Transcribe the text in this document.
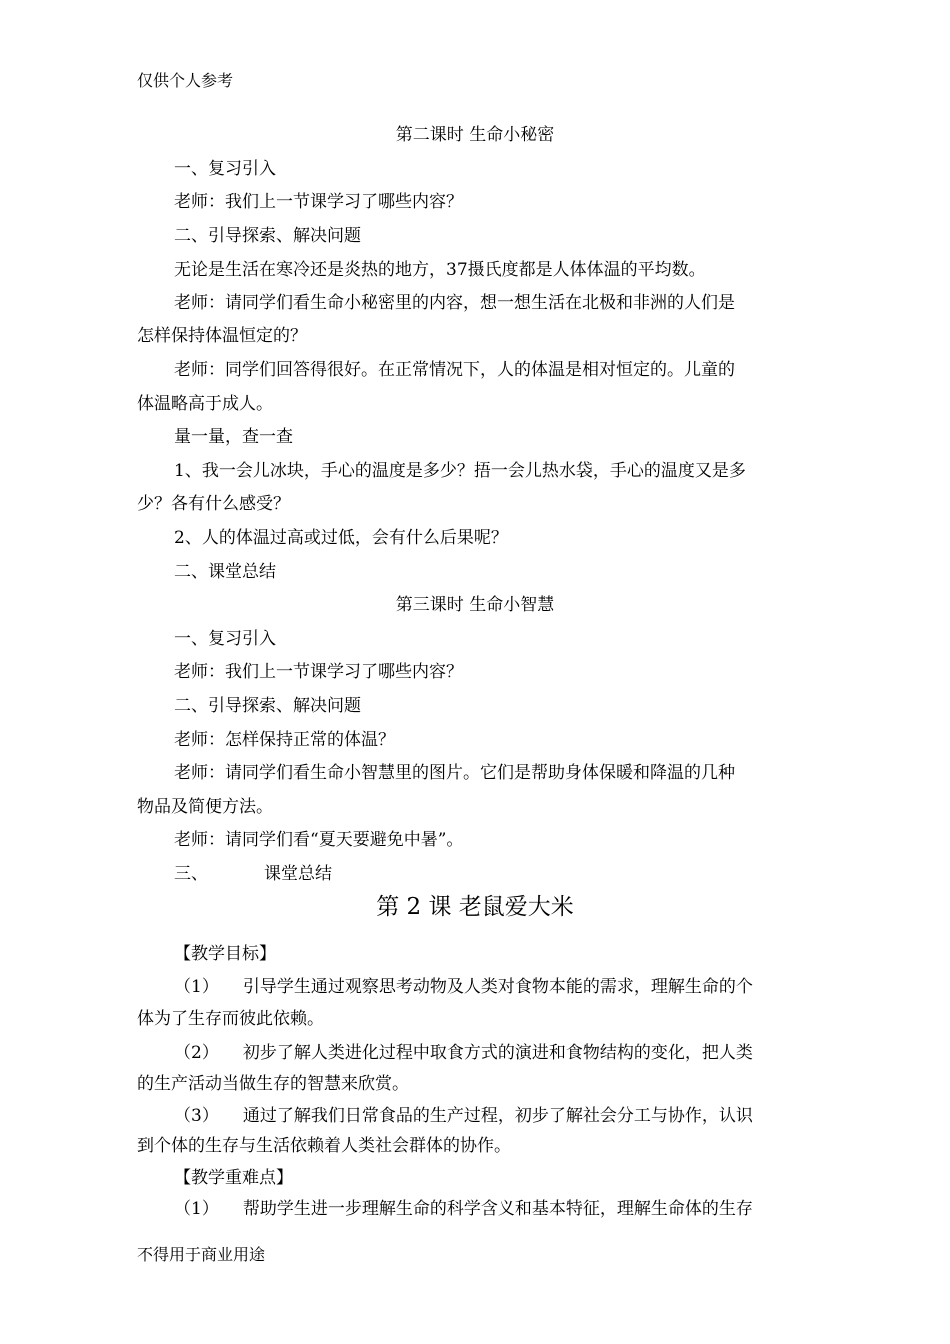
仅供个人参考
第二课时 生命小秘密
一、复习引入
老师：我们上一节课学习了哪些内容？
二、引导探索、解决问题
无论是生活在寒冷还是炎热的地方，37摄氏度都是人体体温的平均数。
老师：请同学们看生命小秘密里的内容，想一想生活在北极和非洲的人们是
怎样保持体温恒定的？
老师：同学们回答得很好。在正常情况下，人的体温是相对恒定的。儿童的
体温略高于成人。
量一量，查一查
1、我一会儿冰块，手心的温度是多少？捂一会儿热水袋，手心的温度又是多
少？各有什么感受？
2、人的体温过高或过低，会有什么后果呢？
二、课堂总结
第三课时 生命小智慧
一、复习引入
老师：我们上一节课学习了哪些内容？
二、引导探索、解决问题
老师：怎样保持正常的体温？
老师：请同学们看生命小智慧里的图片。它们是帮助身体保暖和降温的几种
物品及简便方法。
老师：请同学们看“夏天要避免中暑”。
三、	课堂总结
第 2 课 老鼠爱大米
【教学目标】
（1） 引导学生通过观察思考动物及人类对食物本能的需求，理解生命的个
体为了生存而彼此依赖。
（2） 初步了解人类进化过程中取食方式的演进和食物结构的变化，把人类
的生产活动当做生存的智慧来欣赏。
（3） 通过了解我们日常食品的生产过程，初步了解社会分工与协作，认识
到个体的生存与生活依赖着人类社会群体的协作。
【教学重难点】
（1） 帮助学生进一步理解生命的科学含义和基本特征，理解生命体的生存
不得用于商业用途
